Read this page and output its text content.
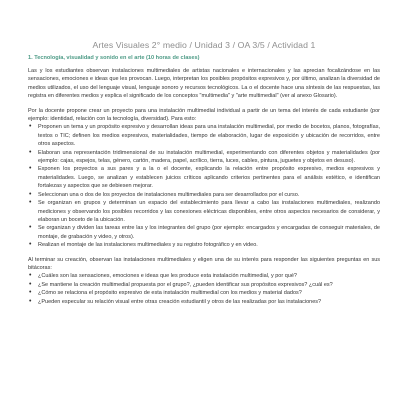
Artes Visuales 2° medio / Unidad 3 / OA 3/5 / Actividad 1
1. Tecnología, visualidad y sonido en el arte (10 horas de clases)
Las y los estudiantes observan instalaciones multimediales de artistas nacionales e internacionales y las aprecian focalizándose en las sensaciones, emociones e ideas que les provocan. Luego, interpretan los posibles propósitos expresivos y, por último, analizan la diversidad de medios utilizados, el uso del lenguaje visual, lenguaje sonoro y recursos tecnológicos. La o el docente hace una síntesis de las respuestas, las registra en diferentes medios y explica el significado de los conceptos "multimedia" y "arte multimedial" (ver al anexo Glosario).
Por la docente propone crear un proyecto para una instalación multimedial individual a partir de un tema del interés de cada estudiante (por ejemplo: identidad, relación con la tecnología, diversidad). Para esto:
• Proponen un tema y un propósito expresivo y desarrollan ideas para una instalación multimedial, por medio de bocetos, planos, fotografías, textos o TIC; definen los medios expresivos, materialidades, tiempo de elaboración, lugar de exposición y ubicación de recorridos, entre otros aspectos.
• Elaboran una representación tridimensional de su instalación multimedial, experimentando con diferentes objetos y materialidades (por ejemplo: cajas, espejos, telas, género, cartón, madera, papel, acrílico, tierra, luces, cables, pintura, juguetes y objetos en desuso).
• Exponen los proyectos a sus pares y a la o el docente, explicando la relación entre propósito expresivo, medios expresivos y materialidades. Luego, se analizan y establecen juicios críticos aplicando criterios pertinentes para el análisis estético, e identifican fortalezas y aspectos que se debiesen mejorar.
• Seleccionan una o dos de los proyectos de instalaciones multimediales para ser desarrollados por el curso.
• Se organizan en grupos y determinan un espacio del establecimiento para llevar a cabo las instalaciones multimediales, realizando mediciones y observando los posibles recorridos y las conexiones eléctricas disponibles, entre otros aspectos necesarios de considerar, y elaboran un boceto de la ubicación.
• Se organizan y dividen las tareas entre las y los integrantes del grupo (por ejemplo: encargados y encargadas de conseguir materiales, de montaje, de grabación y video, y otros).
• Realizan el montaje de las instalaciones multimediales y su registro fotográfico y en video.
Al terminar su creación, observan las instalaciones multimediales y eligen una de su interés para responder las siguientes preguntas en sus bitácoras:
• ¿Cuáles son las sensaciones, emociones e ideas que les produce esta instalación multimedial, y por qué?
• ¿Se mantiene la creación multimedial propuesta por el grupo?, ¿pueden identificar sus propósitos expresivos? ¿cuál es?
• ¿Cómo se relaciona el propósito expresivo de esta instalación multimedial con los medios y material dados?
• ¿Pueden especular su relación visual entre otras creación estudiantil y otros de las realizadas por las instalaciones?
